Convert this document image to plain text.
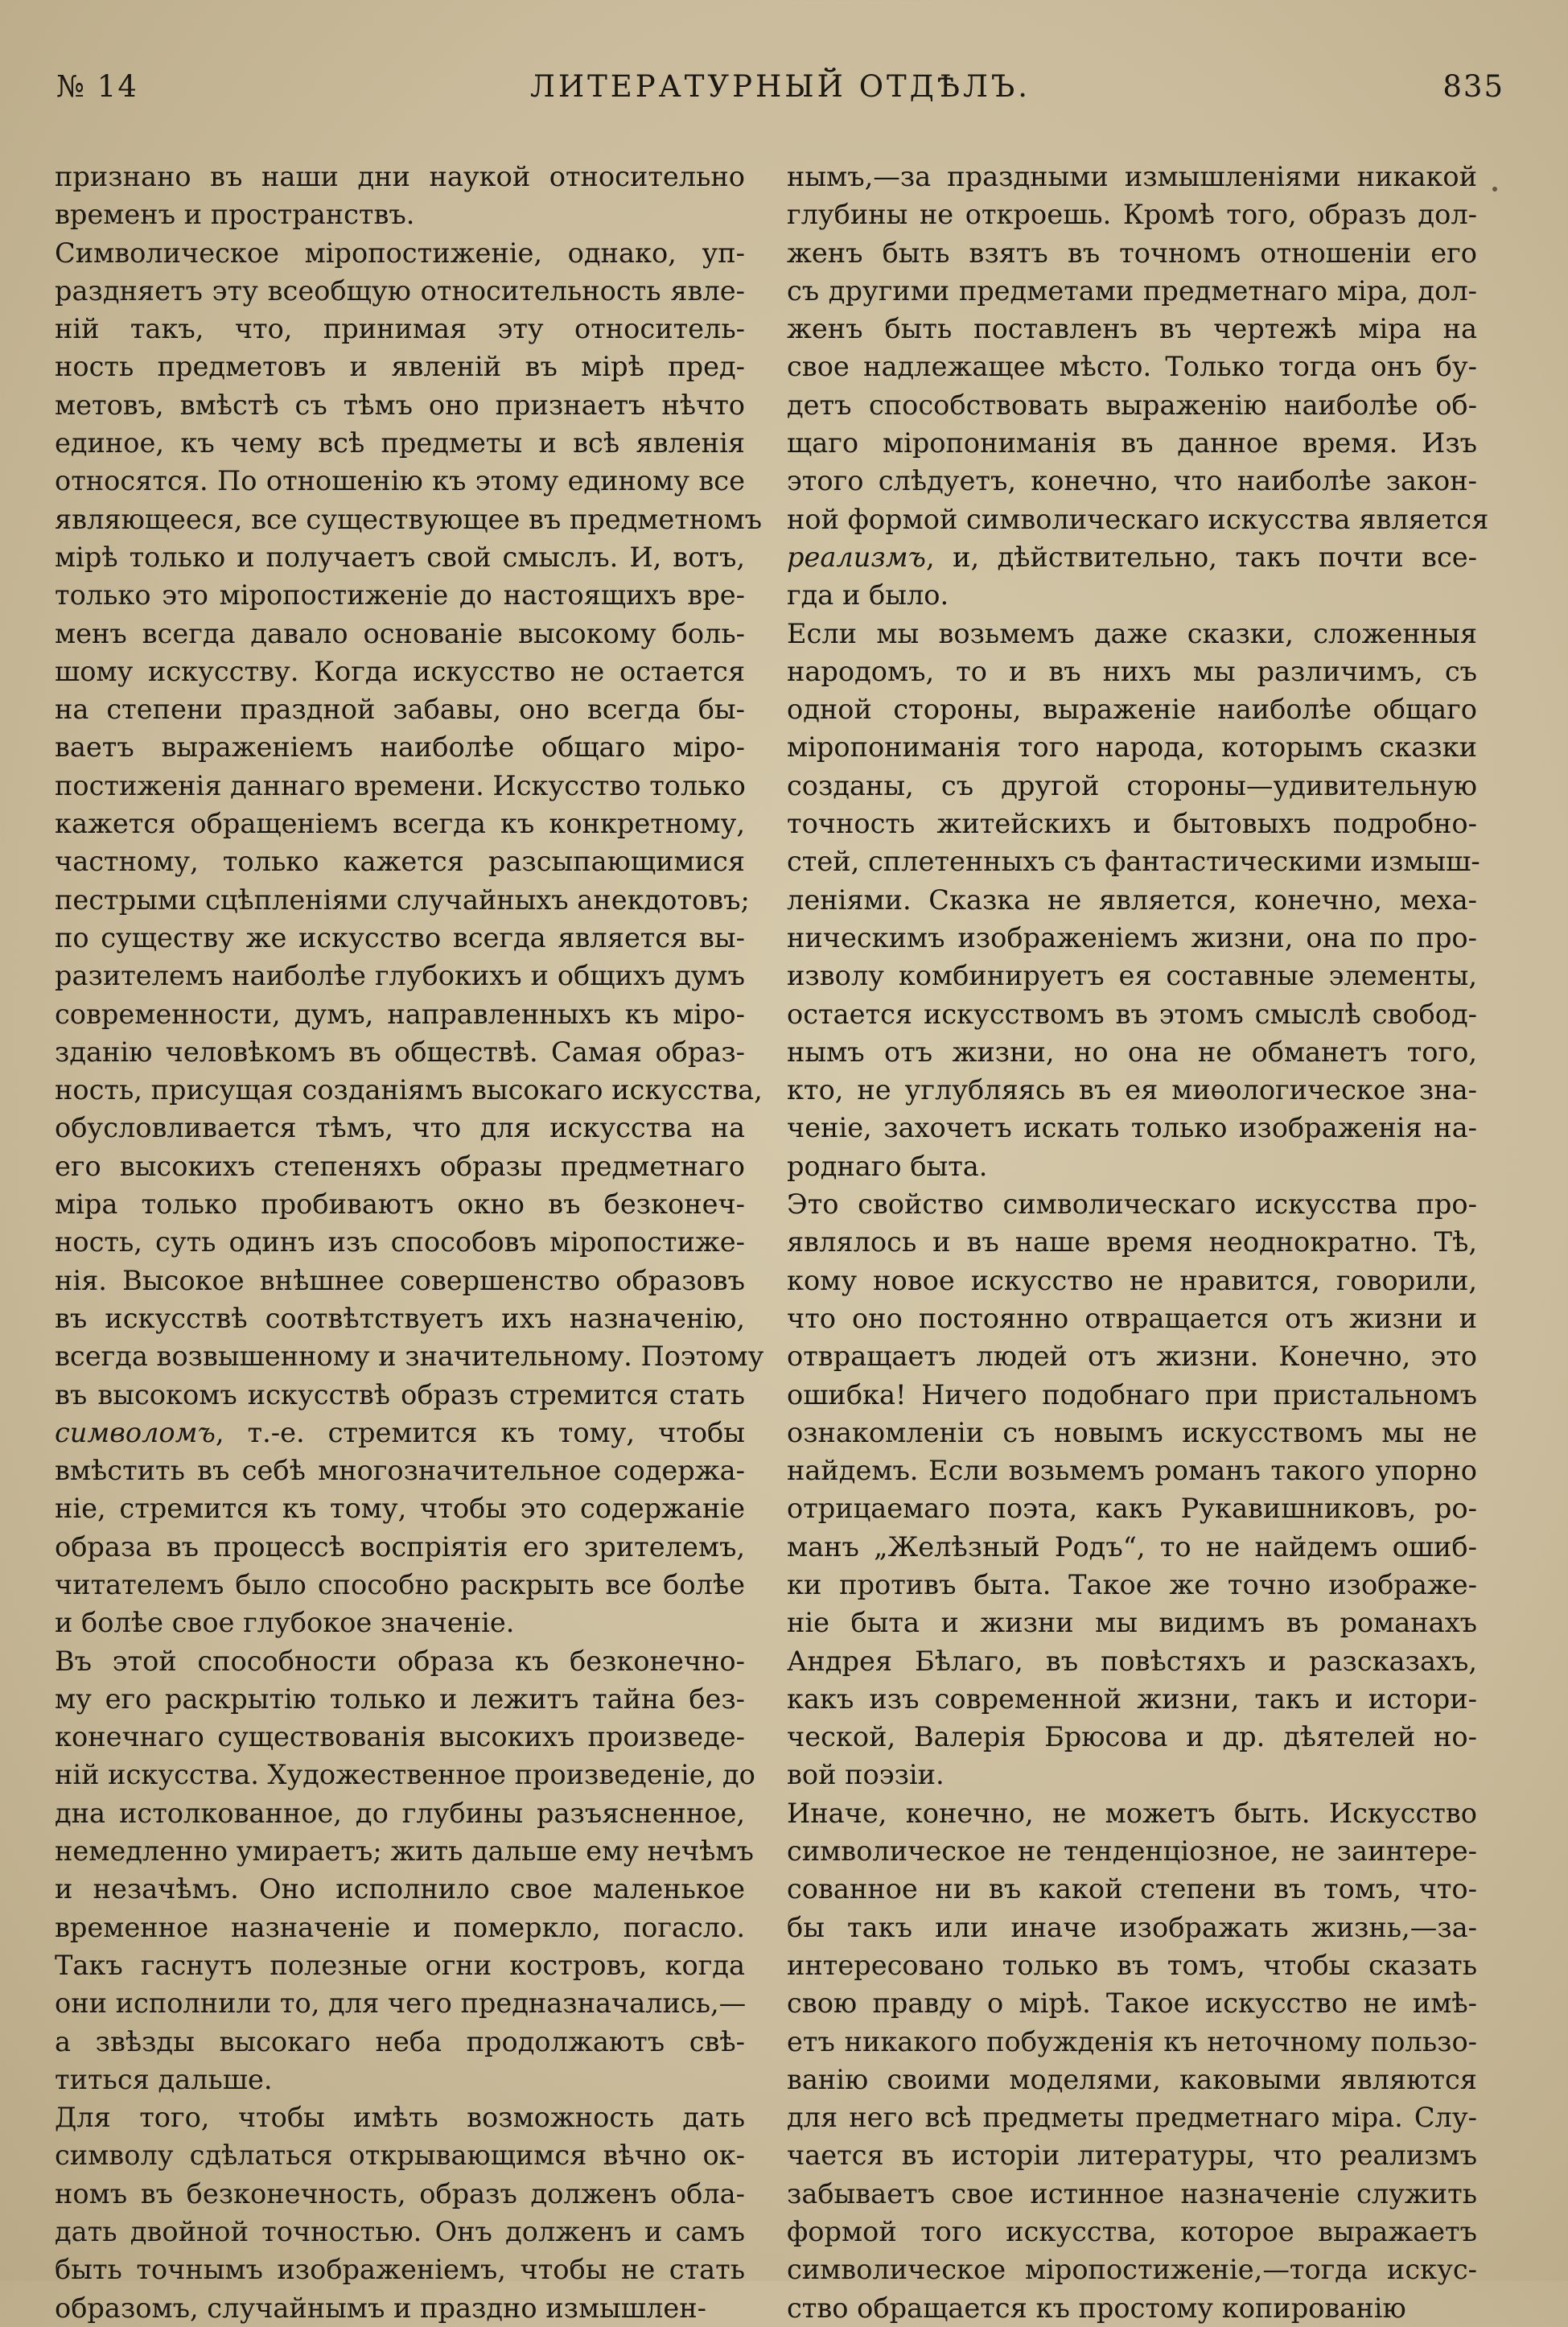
№ 14	ЛИТЕРАТУРНЫЙ ОТДѢЛЪ.	835
признано въ наши дни наукой относительно
временъ и пространствъ.
Символическое міропостиженіе, однако, уп-
раздняетъ эту всеобщую относительность явле-
ній такъ, что, принимая эту относитель-
ность предметовъ и явленій въ мірѣ пред-
метовъ, вмѣстѣ съ тѣмъ оно признаетъ нѣчто
единое, къ чему всѣ предметы и всѣ явленія
относятся. По отношенію къ этому единому все
являющееся, все существующее въ предметномъ
мірѣ только и получаетъ свой смыслъ. И, вотъ,
только это міропостиженіе до настоящихъ вре-
менъ всегда давало основаніе высокому боль-
шому искусству. Когда искусство не остается
на степени праздной забавы, оно всегда бы-
ваетъ выраженіемъ наиболѣе общаго міро-
постиженія даннаго времени. Искусство только
кажется обращеніемъ всегда къ конкретному,
частному, только кажется разсыпающимися
пестрыми сцѣпленіями случайныхъ анекдотовъ;
по существу же искусство всегда является вы-
разителемъ наиболѣе глубокихъ и общихъ думъ
современности, думъ, направленныхъ къ міро-
зданію человѣкомъ въ обществѣ. Самая образ-
ность, присущая созданіямъ высокаго искусства,
обусловливается тѣмъ, что для искусства на
его высокихъ степеняхъ образы предметнаго
міра только пробиваютъ окно въ безконеч-
ность, суть одинъ изъ способовъ міропостиже-
нія. Высокое внѣшнее совершенство образовъ
въ искусствѣ соотвѣтствуетъ ихъ назначенію,
всегда возвышенному и значительному. Поэтому
въ высокомъ искусствѣ образъ стремится стать
символомъ, т.-е. стремится къ тому, чтобы
вмѣстить въ себѣ многозначительное содержа-
ніе, стремится къ тому, чтобы это содержаніе
образа въ процессѣ воспріятія его зрителемъ,
читателемъ было способно раскрыть все болѣе
и болѣе свое глубокое значеніе.
Въ этой способности образа къ безконечно-
му его раскрытію только и лежитъ тайна без-
конечнаго существованія высокихъ произведе-
ній искусства. Художественное произведеніе, до
дна истолкованное, до глубины разъясненное,
немедленно умираетъ; жить дальше ему нечѣмъ
и незачѣмъ. Оно исполнило свое маленькое
временное назначеніе и померкло, погасло.
Такъ гаснутъ полезные огни костровъ, когда
они исполнили то, для чего предназначались,—
а звѣзды высокаго неба продолжаютъ свѣ-
титься дальше.
Для того, чтобы имѣть возможность дать
символу сдѣлаться открывающимся вѣчно ок-
номъ въ безконечность, образъ долженъ обла-
дать двойной точностью. Онъ долженъ и самъ
быть точнымъ изображеніемъ, чтобы не стать
образомъ, случайнымъ и праздно измышлен-
нымъ,—за праздными измышленіями никакой
глубины не откроешь. Кромѣ того, образъ дол-
женъ быть взятъ въ точномъ отношеніи его
съ другими предметами предметнаго міра, дол-
женъ быть поставленъ въ чертежѣ міра на
свое надлежащее мѣсто. Только тогда онъ бу-
детъ способствовать выраженію наиболѣе об-
щаго міропониманія въ данное время. Изъ
этого слѣдуетъ, конечно, что наиболѣе закон-
ной формой символическаго искусства является
реализмъ, и, дѣйствительно, такъ почти все-
гда и было.
Если мы возьмемъ даже сказки, сложенныя
народомъ, то и въ нихъ мы различимъ, съ
одной стороны, выраженіе наиболѣе общаго
міропониманія того народа, которымъ сказки
созданы, съ другой стороны—удивительную
точность житейскихъ и бытовыхъ подробно-
стей, сплетенныхъ съ фантастическими измыш-
леніями. Сказка не является, конечно, меха-
ническимъ изображеніемъ жизни, она по про-
изволу комбинируетъ ея составные элементы,
остается искусствомъ въ этомъ смыслѣ свобод-
нымъ отъ жизни, но она не обманетъ того,
кто, не углубляясь въ ея миѳологическое зна-
ченіе, захочетъ искать только изображенія на-
роднаго быта.
Это свойство символическаго искусства про-
являлось и въ наше время неоднократно. Тѣ,
кому новое искусство не нравится, говорили,
что оно постоянно отвращается отъ жизни и
отвращаетъ людей отъ жизни. Конечно, это
ошибка! Ничего подобнаго при пристальномъ
ознакомленіи съ новымъ искусствомъ мы не
найдемъ. Если возьмемъ романъ такого упорно
отрицаемаго поэта, какъ Рукавишниковъ, ро-
манъ „Желѣзный Родъ“, то не найдемъ ошиб-
ки противъ быта. Такое же точно изображе-
ніе быта и жизни мы видимъ въ романахъ
Андрея Бѣлаго, въ повѣстяхъ и разсказахъ,
какъ изъ современной жизни, такъ и истори-
ческой, Валерія Брюсова и др. дѣятелей но-
вой поэзіи.
Иначе, конечно, не можетъ быть. Искусство
символическое не тенденціозное, не заинтере-
сованное ни въ какой степени въ томъ, что-
бы такъ или иначе изображать жизнь,—за-
интересовано только въ томъ, чтобы сказать
свою правду о мірѣ. Такое искусство не имѣ-
етъ никакого побужденія къ неточному пользо-
ванію своими моделями, каковыми являются
для него всѣ предметы предметнаго міра. Слу-
чается въ исторіи литературы, что реализмъ
забываетъ свое истинное назначеніе служить
формой того искусства, которое выражаетъ
символическое міропостиженіе,—тогда искус-
ство обращается къ простому копированію
